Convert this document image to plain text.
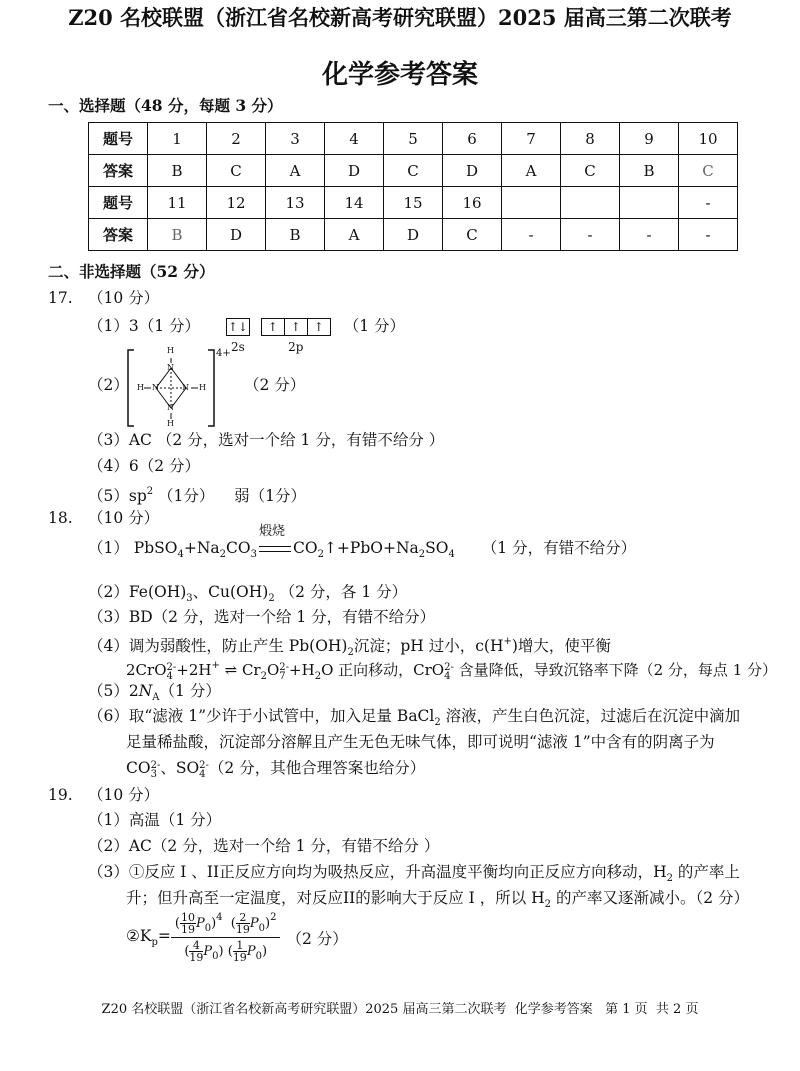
Z20 名校联盟（浙江省名校新高考研究联盟）2025 届高三第二次联考
化学参考答案
一、选择题（48 分，每题 3 分）
题号	1	2	3	4	5	6	7	8	9	10
答案	B	C	A	D	C	D	A	C	B	C
题号	11	12	13	14	15	16				-
答案	B	D	B	A	D	C	-	-	-	-
二、非选择题（52 分）
17. （10 分）
（1）3（1 分） ↑↓
2s ↑ ↑ ↑
2p （1 分）
（2）
H
N
H N	N H
N
H
4+
（2 分）
（3）AC （2 分，选对一个给 1 分，有错不给分 ）
（4）6（2 分）
$(5)sp^2$ （1分）    弱（1分）
18. （10 分）
（1） $PbSO_4+Na_2CO_3$
煅烧
$CO_2↑+PbO+Na_2SO_4$ （1 分，有错不给分）
$(2)Fe(OH)_3$、$Cu(OH)_2$ （2 分，各 1 分）
（3）BD（2 分，选对一个给 1 分，有错不给分）
（4）调为弱酸性，防止产生 $Pb(OH)_2$沉淀；pH 过小，c(H+)增大，使平衡
2CrO2-
4 +2H+ ⇌ $Cr_2O2-$
$7 +H_2O$ 正向移动，CrO2-
4 含量降低，导致沉铬率下降（2 分，每点 1 分）
$(5)2N_A(1$ 分）
（6）取“滤液 1”少许于小试管中，加入足量 BaCl$_2$ 溶液，产生白色沉淀，过滤后在沉淀中滴加
足量稀盐酸，沉淀部分溶解且产生无色无味气体，即可说明“滤液 1”中含有的阴离子为
CO2-
3 、SO2-
4 （2 分，其他合理答案也给分）
19. （10 分）
（1）高温（1 分）
（2）AC（2 分，选对一个给 1 分，有错不给分 ）
（3）①反应 I 、II正反应方向均为吸热反应，升高温度平衡均向正反应方向移动，$H_2$ 的产率上
升；但升高至一定温度，对反应II的影响大于反应 I ，所以 $H_2$ 的产率又逐渐减小。（2 分）
$②K_p= \frac{( \frac{10}{19} P_0)^4 ( \frac{2}{19} P_0)^2}{( \frac{4}{19} P_0) ( \frac{1}{19} P_0)} (2$ 分）
Z20 名校联盟（浙江省名校新高考研究联盟）2025 届高三第二次联考  化学参考答案   第 1 页  共 2 页
